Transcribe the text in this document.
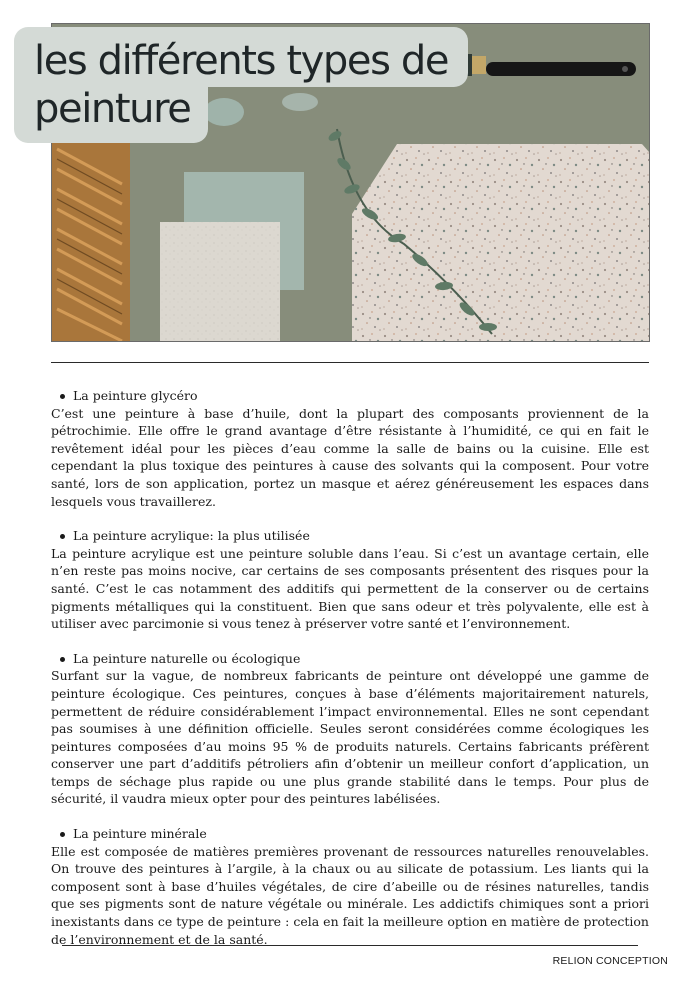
les différents types de
peinture

La peinture glycéro

C’est une peinture à base d’huile, dont la plupart des composants proviennent de la pétrochimie. Elle offre le grand avantage d’être résistante à l’humidité, ce qui en fait le revêtement idéal pour les pièces d’eau comme la salle de bains ou la cuisine. Elle est cependant la plus toxique des peintures à cause des solvants qui la composent. Pour votre santé, lors de son application, portez un masque et aérez généreusement les espaces dans lesquels vous travaillerez.

La peinture acrylique: la plus utilisée

La peinture acrylique est une peinture soluble dans l’eau. Si c’est un avantage certain, elle n’en reste pas moins nocive, car certains de ses composants présentent des risques pour la santé. C’est le cas notamment des additifs qui permettent de la conserver ou de certains pigments métalliques qui la constituent. Bien que sans odeur et très polyvalente, elle est à utiliser avec parcimonie si vous tenez à préserver votre santé et l’environnement.

La peinture naturelle ou écologique

Surfant sur la vague, de nombreux fabricants de peinture ont développé une gamme de peinture écologique. Ces peintures, conçues à base d’éléments majoritairement naturels, permettent de réduire considérablement l’impact environnemental. Elles ne sont cependant pas soumises à une définition officielle. Seules seront considérées comme écologiques les peintures composées d’au moins 95 % de produits naturels. Certains fabricants préfèrent conserver une part d’additifs pétroliers afin d’obtenir un meilleur confort d’application, un temps de séchage plus rapide ou une plus grande stabilité dans le temps. Pour plus de sécurité, il vaudra mieux opter pour des peintures labélisées.

La peinture minérale

Elle est composée de matières premières provenant de ressources naturelles renouvelables. On trouve des peintures à l’argile, à la chaux ou au silicate de potassium. Les liants qui la composent sont à base d’huiles végétales, de cire d’abeille ou de résines naturelles, tandis que ses pigments sont de nature végétale ou minérale. Les addictifs chimiques sont a priori inexistants dans ce type de peinture : cela en fait la meilleure option en matière de protection de l’environnement et de la santé.

RELION CONCEPTION
